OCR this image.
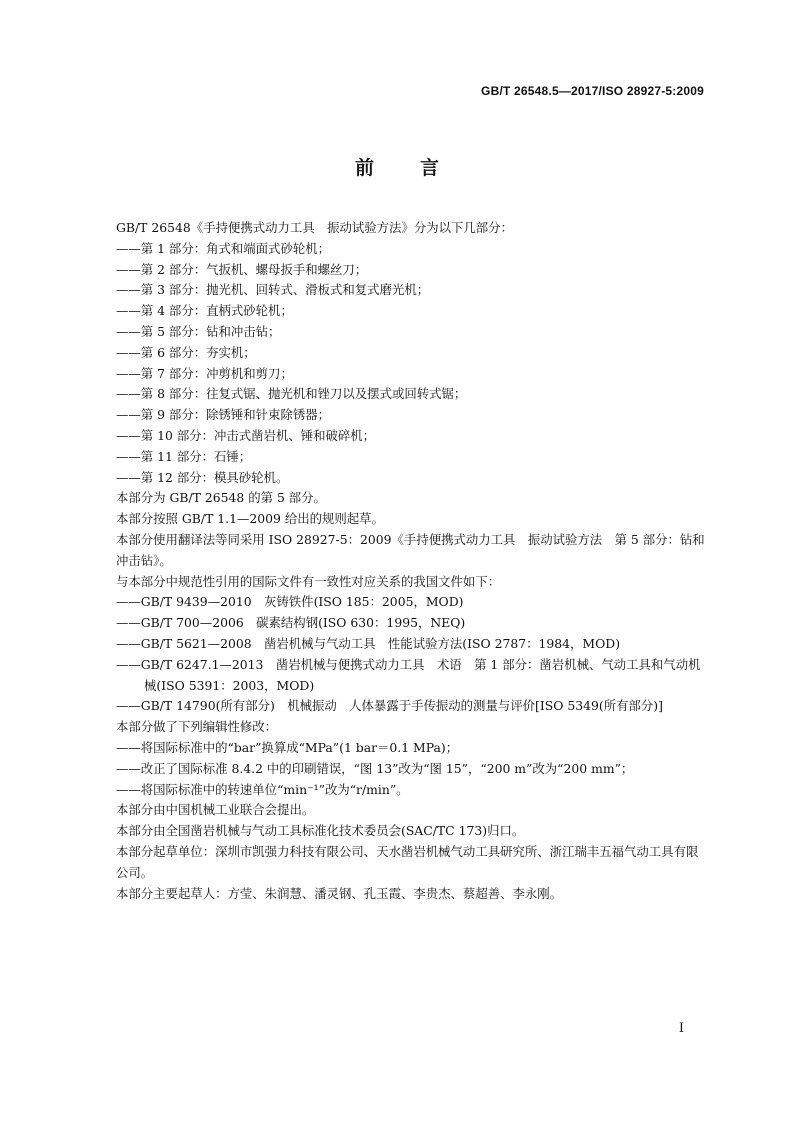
GB/T 26548.5—2017/ISO 28927-5:2009
前言

GB/T 26548《手持便携式动力工具　振动试验方法》分为以下几部分：

——第 1 部分：角式和端面式砂轮机；

——第 2 部分：气扳机、螺母扳手和螺丝刀；

——第 3 部分：抛光机、回转式、滑板式和复式磨光机；

——第 4 部分：直柄式砂轮机；

——第 5 部分：钻和冲击钻；

——第 6 部分：夯实机；

——第 7 部分：冲剪机和剪刀；

——第 8 部分：往复式锯、抛光机和锉刀以及摆式或回转式锯；

——第 9 部分：除锈锤和针束除锈器；

——第 10 部分：冲击式凿岩机、锤和破碎机；

——第 11 部分：石锤；

——第 12 部分：模具砂轮机。

本部分为 GB/T 26548 的第 5 部分。

本部分按照 GB/T 1.1—2009 给出的规则起草。

本部分使用翻译法等同采用 ISO 28927-5：2009《手持便携式动力工具　振动试验方法　第 5 部分：钻和冲击钻》。

与本部分中规范性引用的国际文件有一致性对应关系的我国文件如下：

——GB/T 9439—2010　灰铸铁件(ISO 185：2005，MOD)

——GB/T 700—2006　碳素结构钢(ISO 630：1995，NEQ)

——GB/T 5621—2008　凿岩机械与气动工具　性能试验方法(ISO 2787：1984，MOD)

——GB/T 6247.1—2013　凿岩机械与便携式动力工具　术语　第 1 部分：凿岩机械、气动工具和气动机械(ISO 5391：2003，MOD)

——GB/T 14790(所有部分)　机械振动　人体暴露于手传振动的测量与评价[ISO 5349(所有部分)]

本部分做了下列编辑性修改：

——将国际标准中的“bar”换算成“MPa”(1 bar＝0.1 MPa)；

——改正了国际标准 8.4.2 中的印刷错误，“图 13”改为“图 15”，“200 m”改为“200 mm”；

——将国际标准中的转速单位“min⁻¹”改为“r/min”。

本部分由中国机械工业联合会提出。

本部分由全国凿岩机械与气动工具标准化技术委员会(SAC/TC 173)归口。

本部分起草单位：深圳市凯强力科技有限公司、天水凿岩机械气动工具研究所、浙江瑞丰五福气动工具有限公司。

本部分主要起草人：方莹、朱润慧、潘灵钢、孔玉霞、李贵杰、蔡超善、李永刚。

I
